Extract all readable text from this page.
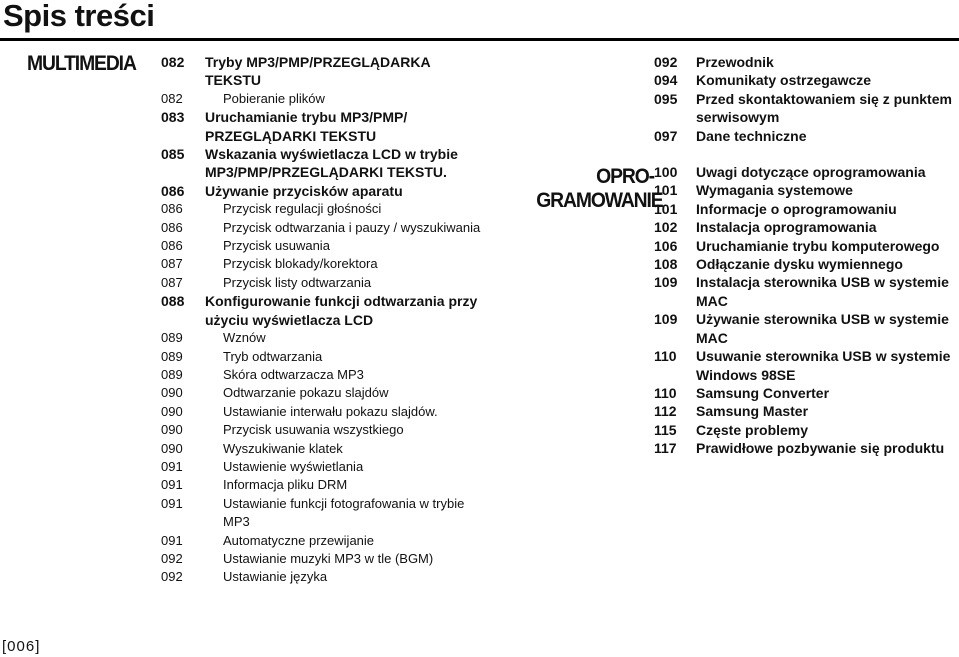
Spis treści
MULTIMEDIA
OPRO-
GRAMOWANIE
082	Tryby MP3/PMP/PRZEGLĄDARKA TEKSTU
082	Pobieranie plików
083	Uruchamianie trybu MP3/PMP/ PRZEGLĄDARKI TEKSTU
085	Wskazania wyświetlacza LCD w trybie MP3/PMP/PRZEGLĄDARKI TEKSTU.
086	Używanie przycisków aparatu
086	Przycisk regulacji głośności
086	Przycisk odtwarzania i pauzy / wyszukiwania
086	Przycisk usuwania
087	Przycisk blokady/korektora
087	Przycisk listy odtwarzania
088	Konfigurowanie funkcji odtwarzania przy użyciu wyświetlacza LCD
089	Wznów
089	Tryb odtwarzania
089	Skóra odtwarzacza MP3
090	Odtwarzanie pokazu slajdów
090	Ustawianie interwału pokazu slajdów.
090	Przycisk usuwania wszystkiego
090	Wyszukiwanie klatek
091	Ustawienie wyświetlania
091	Informacja pliku DRM
091	Ustawianie funkcji fotografowania w trybie MP3
091	Automatyczne przewijanie
092	Ustawianie muzyki MP3 w tle (BGM)
092	Ustawianie języka
092	Przewodnik
094	Komunikaty ostrzegawcze
095	Przed skontaktowaniem się z punktem serwisowym
097	Dane techniczne
100	Uwagi dotyczące oprogramowania
101	Wymagania systemowe
101	Informacje o oprogramowaniu
102	Instalacja oprogramowania
106	Uruchamianie trybu komputerowego
108	Odłączanie dysku wymiennego
109	Instalacja sterownika USB w systemie MAC
109	Używanie sterownika USB w systemie MAC
110	Usuwanie sterownika USB w systemie Windows 98SE
110	Samsung Converter
112	Samsung Master
115	Częste problemy
117	Prawidłowe pozbywanie się produktu
[006]
